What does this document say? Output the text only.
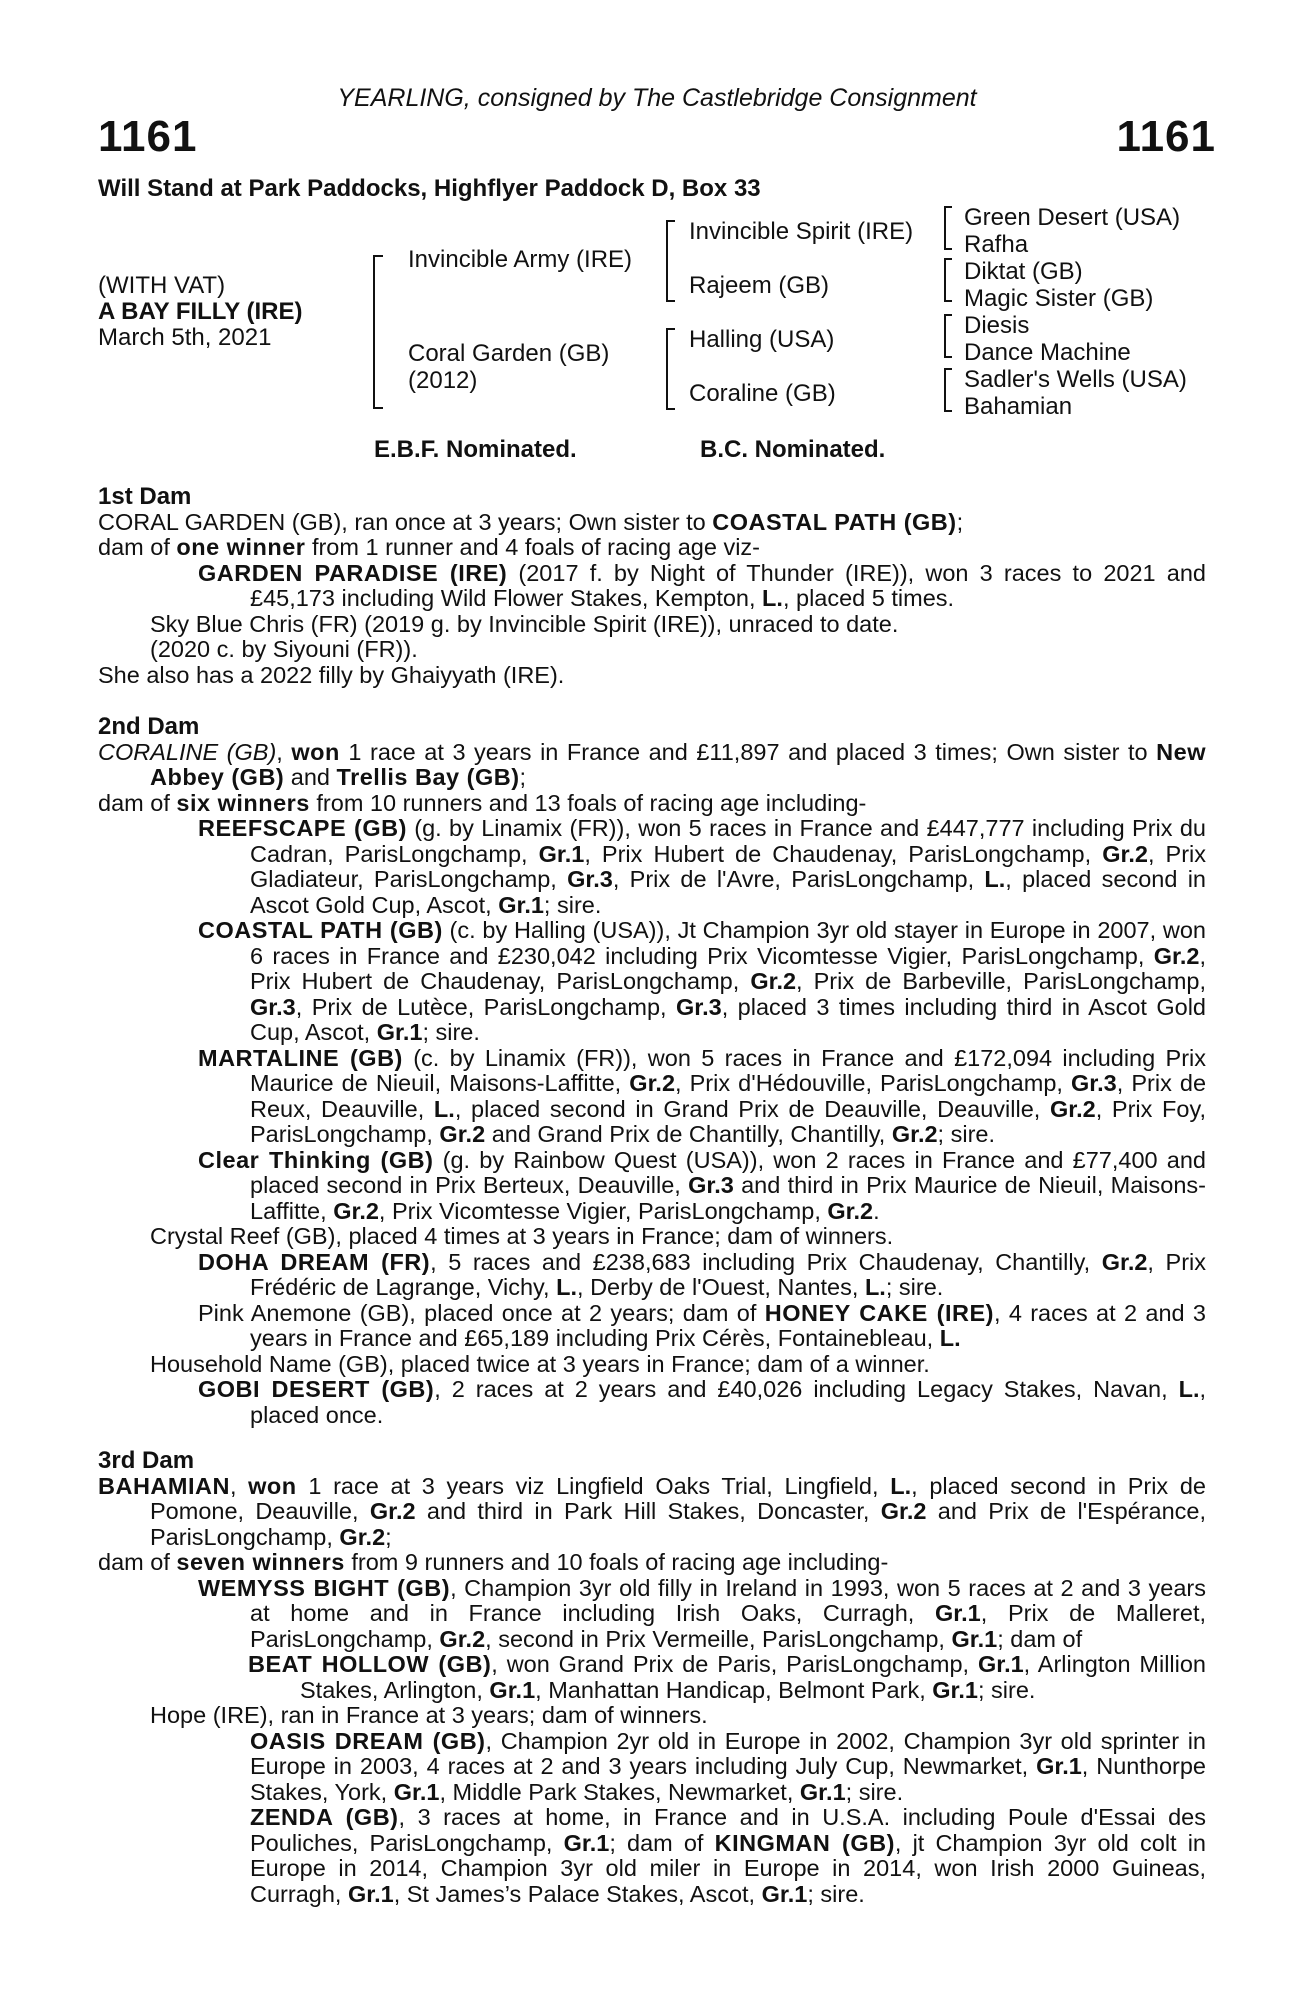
YEARLING, consigned by The Castlebridge Consignment
1161	1161
Will Stand at Park Paddocks, Highflyer Paddock D, Box 33
(WITH VAT)
A BAY FILLY (IRE)
March 5th, 2021
Invincible Army (IRE)
Coral Garden (GB)
(2012)
Invincible Spirit (IRE)
Rajeem (GB)
Halling (USA)
Coraline (GB)
Green Desert (USA)
Rafha
Diktat (GB)
Magic Sister (GB)
Diesis
Dance Machine
Sadler's Wells (USA)
Bahamian
E.B.F. Nominated.	B.C. Nominated.
1st Dam

CORAL GARDEN (GB), ran once at 3 years; Own sister to COASTAL PATH (GB);

dam of one winner from 1 runner and 4 foals of racing age viz-

GARDEN PARADISE (IRE) (2017 f. by Night of Thunder (IRE)), won 3 races to 2021 and £45,173 including Wild Flower Stakes, Kempton, L., placed 5 times.

Sky Blue Chris (FR) (2019 g. by Invincible Spirit (IRE)), unraced to date.

(2020 c. by Siyouni (FR)).

She also has a 2022 filly by Ghaiyyath (IRE).

2nd Dam

CORALINE (GB), won 1 race at 3 years in France and £11,897 and placed 3 times; Own sister to New Abbey (GB) and Trellis Bay (GB);

dam of six winners from 10 runners and 13 foals of racing age including-

REEFSCAPE (GB) (g. by Linamix (FR)), won 5 races in France and £447,777 including Prix du Cadran, ParisLongchamp, Gr.1, Prix Hubert de Chaudenay, ParisLongchamp, Gr.2, Prix Gladiateur, ParisLongchamp, Gr.3, Prix de l'Avre, ParisLongchamp, L., placed second in Ascot Gold Cup, Ascot, Gr.1; sire.

COASTAL PATH (GB) (c. by Halling (USA)), Jt Champion 3yr old stayer in Europe in 2007, won 6 races in France and £230,042 including Prix Vicomtesse Vigier, ParisLongchamp, Gr.2, Prix Hubert de Chaudenay, ParisLongchamp, Gr.2, Prix de Barbeville, ParisLongchamp, Gr.3, Prix de Lutèce, ParisLongchamp, Gr.3, placed 3 times including third in Ascot Gold Cup, Ascot, Gr.1; sire.

MARTALINE (GB) (c. by Linamix (FR)), won 5 races in France and £172,094 including Prix Maurice de Nieuil, Maisons-Laffitte, Gr.2, Prix d'Hédouville, ParisLongchamp, Gr.3, Prix de Reux, Deauville, L., placed second in Grand Prix de Deauville, Deauville, Gr.2, Prix Foy, ParisLongchamp, Gr.2 and Grand Prix de Chantilly, Chantilly, Gr.2; sire.

Clear Thinking (GB) (g. by Rainbow Quest (USA)), won 2 races in France and £77,400 and placed second in Prix Berteux, Deauville, Gr.3 and third in Prix Maurice de Nieuil, Maisons-Laffitte, Gr.2, Prix Vicomtesse Vigier, ParisLongchamp, Gr.2.

Crystal Reef (GB), placed 4 times at 3 years in France; dam of winners.

DOHA DREAM (FR), 5 races and £238,683 including Prix Chaudenay, Chantilly, Gr.2, Prix Frédéric de Lagrange, Vichy, L., Derby de l'Ouest, Nantes, L.; sire.

Pink Anemone (GB), placed once at 2 years; dam of HONEY CAKE (IRE), 4 races at 2 and 3 years in France and £65,189 including Prix Cérès, Fontainebleau, L.

Household Name (GB), placed twice at 3 years in France; dam of a winner.

GOBI DESERT (GB), 2 races at 2 years and £40,026 including Legacy Stakes, Navan, L., placed once.

3rd Dam

BAHAMIAN, won 1 race at 3 years viz Lingfield Oaks Trial, Lingfield, L., placed second in Prix de Pomone, Deauville, Gr.2 and third in Park Hill Stakes, Doncaster, Gr.2 and Prix de l'Espérance, ParisLongchamp, Gr.2;

dam of seven winners from 9 runners and 10 foals of racing age including-

WEMYSS BIGHT (GB), Champion 3yr old filly in Ireland in 1993, won 5 races at 2 and 3 years at home and in France including Irish Oaks, Curragh, Gr.1, Prix de Malleret, ParisLongchamp, Gr.2, second in Prix Vermeille, ParisLongchamp, Gr.1; dam of

BEAT HOLLOW (GB), won Grand Prix de Paris, ParisLongchamp, Gr.1, Arlington Million Stakes, Arlington, Gr.1, Manhattan Handicap, Belmont Park, Gr.1; sire.

Hope (IRE), ran in France at 3 years; dam of winners.

OASIS DREAM (GB), Champion 2yr old in Europe in 2002, Champion 3yr old sprinter in Europe in 2003, 4 races at 2 and 3 years including July Cup, Newmarket, Gr.1, Nunthorpe Stakes, York, Gr.1, Middle Park Stakes, Newmarket, Gr.1; sire.

ZENDA (GB), 3 races at home, in France and in U.S.A. including Poule d'Essai des Pouliches, ParisLongchamp, Gr.1; dam of KINGMAN (GB), jt Champion 3yr old colt in Europe in 2014, Champion 3yr old miler in Europe in 2014, won Irish 2000 Guineas, Curragh, Gr.1, St James’s Palace Stakes, Ascot, Gr.1; sire.
